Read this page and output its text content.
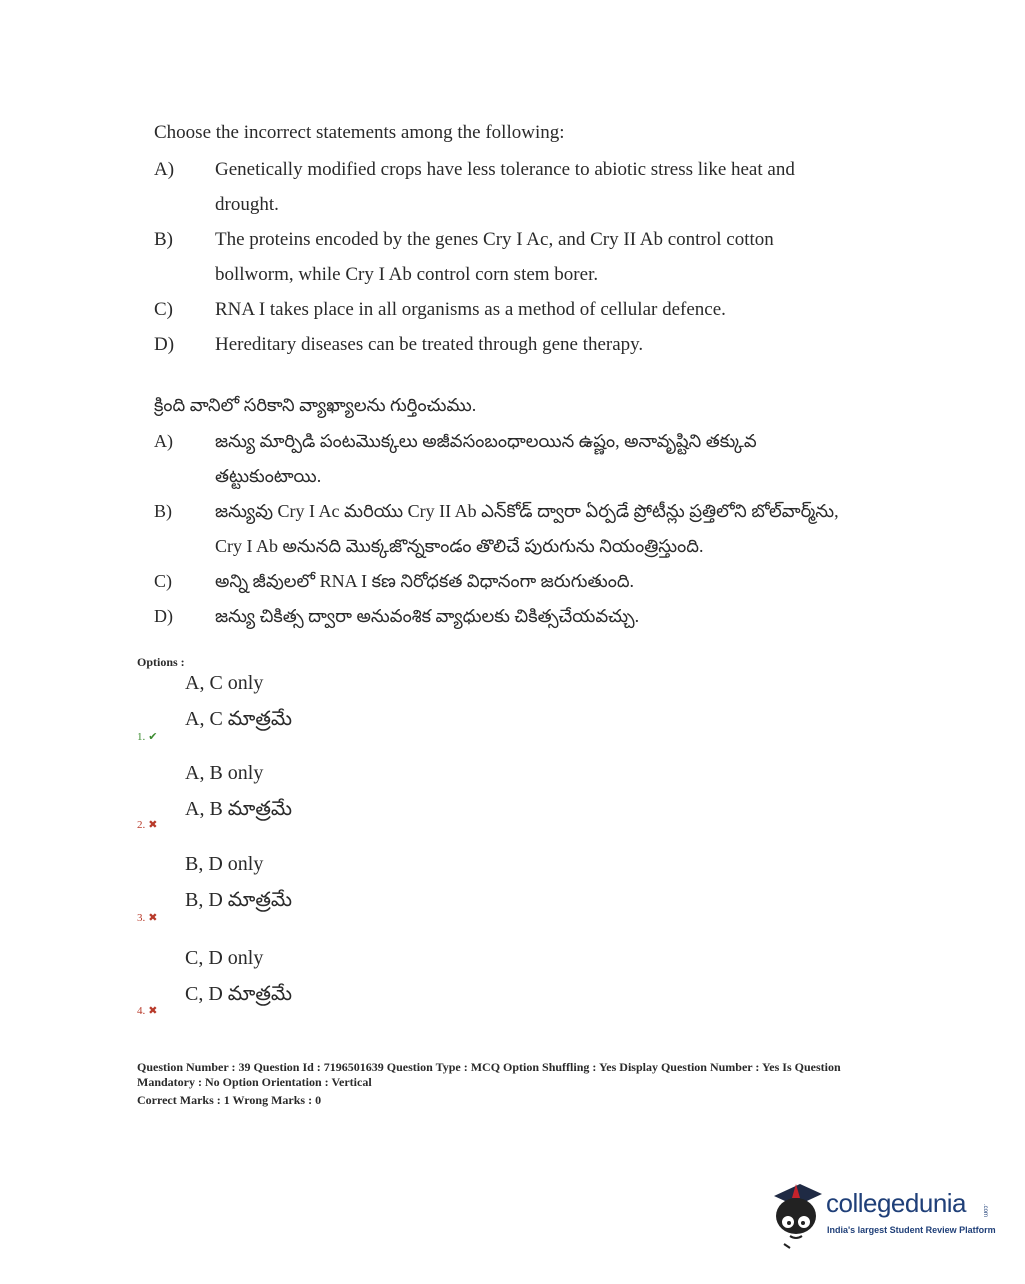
Choose the incorrect statements among the following:
A)	Genetically modified crops have less tolerance to abiotic stress like heat and
drought.
B)	The proteins encoded by the genes Cry I Ac, and Cry II Ab control cotton
bollworm, while Cry I Ab control corn stem borer.
C)	RNA I takes place in all organisms as a method of cellular defence.
D)	Hereditary diseases can be treated through gene therapy.
క్రింది వానిలో సరికాని వ్యాఖ్యాలను గుర్తించుము.
A)	జన్యు మార్పిడి పంటమొక్కలు అజీవసంబంధాలయిన ఉష్ణం, అనావృష్టిని తక్కువ
తట్టుకుంటాయి.
B)	జన్యువు Cry I Ac మరియు Cry II Ab ఎన్‌కోడ్ ద్వారా ఏర్పడే ప్రోటీన్లు ప్రత్తిలోని బోల్‌వార్మ్‌ను,
Cry I Ab అనునది మొక్కజొన్నకాండం తొలిచే పురుగును నియంత్రిస్తుంది.
C)	అన్ని జీవులలో RNA I కణ నిరోధకత విధానంగా జరుగుతుంది.
D)	జన్యు చికిత్స ద్వారా అనువంశిక వ్యాధులకు చికిత్సచేయవచ్చు.
Options :
A, C only
A, C మాత్రమే
1. ✔
A, B only
A, B మాత్రమే
2. ✖
B, D only
B, D మాత్రమే
3. ✖
C, D only
C, D మాత్రమే
4. ✖
Question Number : 39 Question Id : 7196501639 Question Type : MCQ Option Shuffling : Yes Display Question Number : Yes Is Question
Mandatory : No Option Orientation : Vertical
Correct Marks : 1 Wrong Marks : 0
collegedunia	.com
India's largest Student Review Platform
